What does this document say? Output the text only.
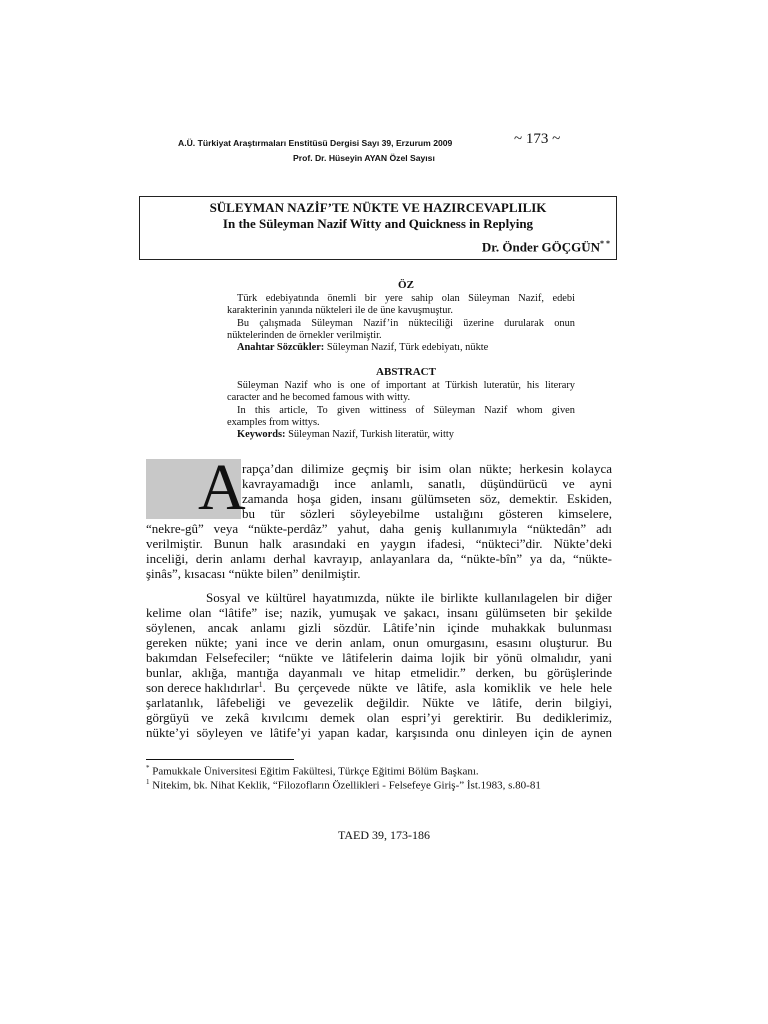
A.Ü. Türkiyat Araştırmaları Enstitüsü Dergisi Sayı 39, Erzurum 2009
Prof. Dr. Hüseyin AYAN Özel Sayısı
~ 173 ~
SÜLEYMAN NAZİF’TE NÜKTE VE HAZIRCEVAPLILIK
In the Süleyman Nazif Witty and Quickness in Replying
Dr. Önder GÖÇGÜN* *
ÖZ

Türk edebiyatında önemli bir yere sahip olan Süleyman Nazif, edebi

karakterinin yanında nükteleri ile de üne kavuşmuştur.

Bu çalışmada Süleyman Nazif’in nükteciliği üzerine durularak onun

nüktelerinden de örnekler verilmiştir.

Anahtar Sözcükler: Süleyman Nazif, Türk edebiyatı, nükte

ABSTRACT

Süleyman Nazif who is one of important at Türkish luteratür, his literary

caracter and he becomed famous with witty.

In this article, To given wittiness of Süleyman Nazif whom given

examples from wittys.

Keywords: Süleyman Nazif, Turkish literatür, witty

A
rapça’dan dilimize geçmiş bir isim olan nükte; herkesin kolayca
kavrayamadığı ince anlamlı, sanatlı, düşündürücü ve ayni
zamanda hoşa giden, insanı gülümseten söz, demektir. Eskiden,
bu tür sözleri söyleyebilme ustalığını gösteren kimselere,
“nekre-gû” veya “nükte-perdâz” yahut, daha geniş kullanımıyla “nüktedân” adı
verilmiştir. Bunun halk arasındaki en yaygın ifadesi, “nükteci”dir. Nükte’deki
inceliği, derin anlamı derhal kavrayıp, anlayanlara da, “nükte-bîn” ya da, “nükte-
şinâs”, kısacası “nükte bilen” denilmiştir.
Sosyal ve kültürel hayatımızda, nükte ile birlikte kullanılagelen bir diğer
kelime olan “lâtife” ise; nazik, yumuşak ve şakacı, insanı gülümseten bir şekilde
söylenen, ancak anlamı gizli sözdür. Lâtife’nin içinde muhakkak bulunması
gereken nükte; yani ince ve derin anlam, onun omurgasını, esasını oluşturur. Bu
bakımdan Felsefeciler; “nükte ve lâtifelerin daima lojik bir yönü olmalıdır, yani
bunlar, aklığa, mantığa dayanmalı ve hitap etmelidir.” derken, bu görüşlerinde
son derece haklıdırlar 1 . Bu çerçevede nükte ve lâtife, asla komiklik ve hele hele
şarlatanlık, lâfebeliği ve gevezelik değildir. Nükte ve lâtife, derin bilgiyi,
görgüyü ve zekâ kıvılcımı demek olan espri’yi gerektirir. Bu dediklerimiz,
nükte’yi söyleyen ve lâtife’yi yapan kadar, karşısında onu dinleyen için de aynen
* Pamukkale Üniversitesi Eğitim Fakültesi, Türkçe Eğitimi Bölüm Başkanı.
$^1$ Nitekim, bk. Nihat Keklik, “Filozofların Özellikleri - Felsefeye Giriş-” İst.1983, s.80-81
TAED 39, 173-186
